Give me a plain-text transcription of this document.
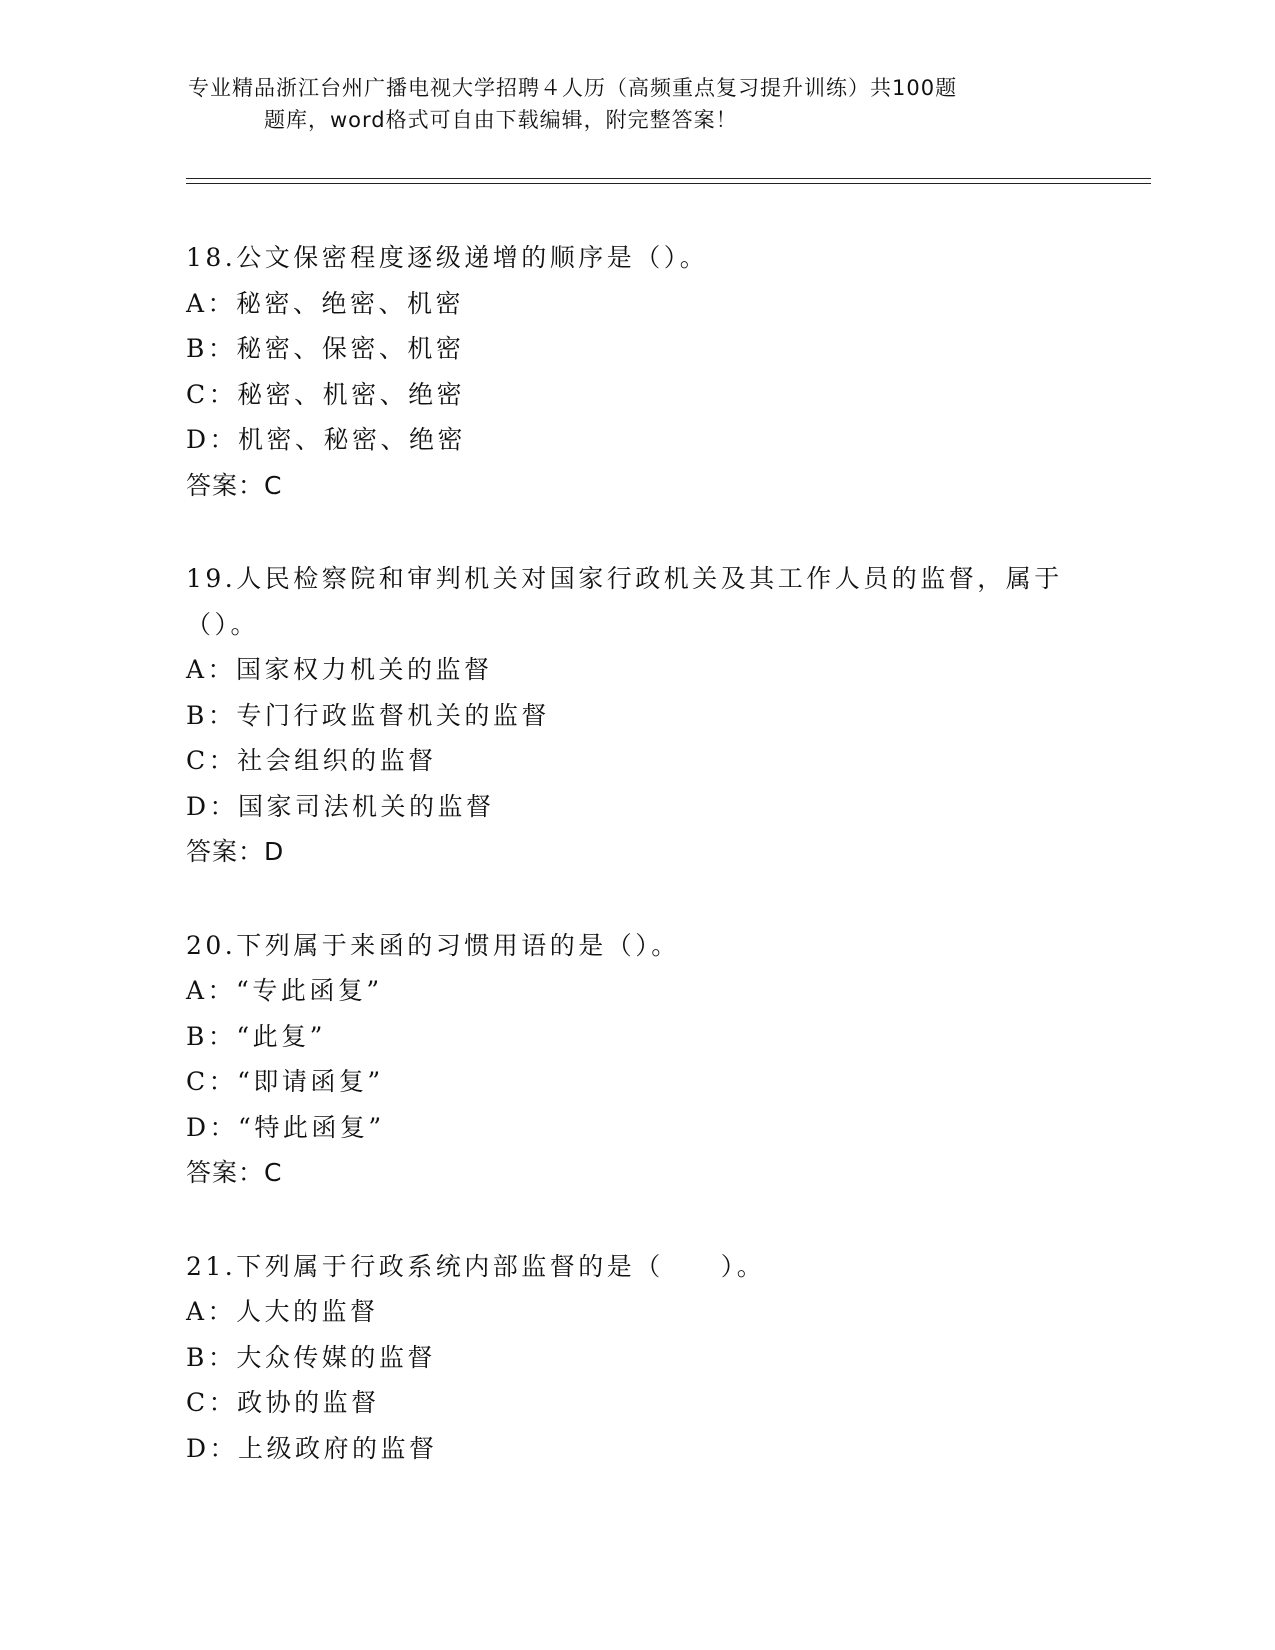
专业精品浙江台州广播电视大学招聘４人历（高频重点复习提升训练）共100题
题库，word格式可自由下载编辑，附完整答案！
18.公文保密程度逐级递增的顺序是（）。
A：秘密、绝密、机密
B：秘密、保密、机密
C：秘密、机密、绝密
D：机密、秘密、绝密
答案：C
19.人民检察院和审判机关对国家行政机关及其工作人员的监督，属于（）。
A：国家权力机关的监督
B：专门行政监督机关的监督
C：社会组织的监督
D：国家司法机关的监督
答案：D
20.下列属于来函的习惯用语的是（）。
A：“专此函复”
B：“此复”
C：“即请函复”
D：“特此函复”
答案：C
21.下列属于行政系统内部监督的是（　　）。
A：人大的监督
B：大众传媒的监督
C：政协的监督
D：上级政府的监督
